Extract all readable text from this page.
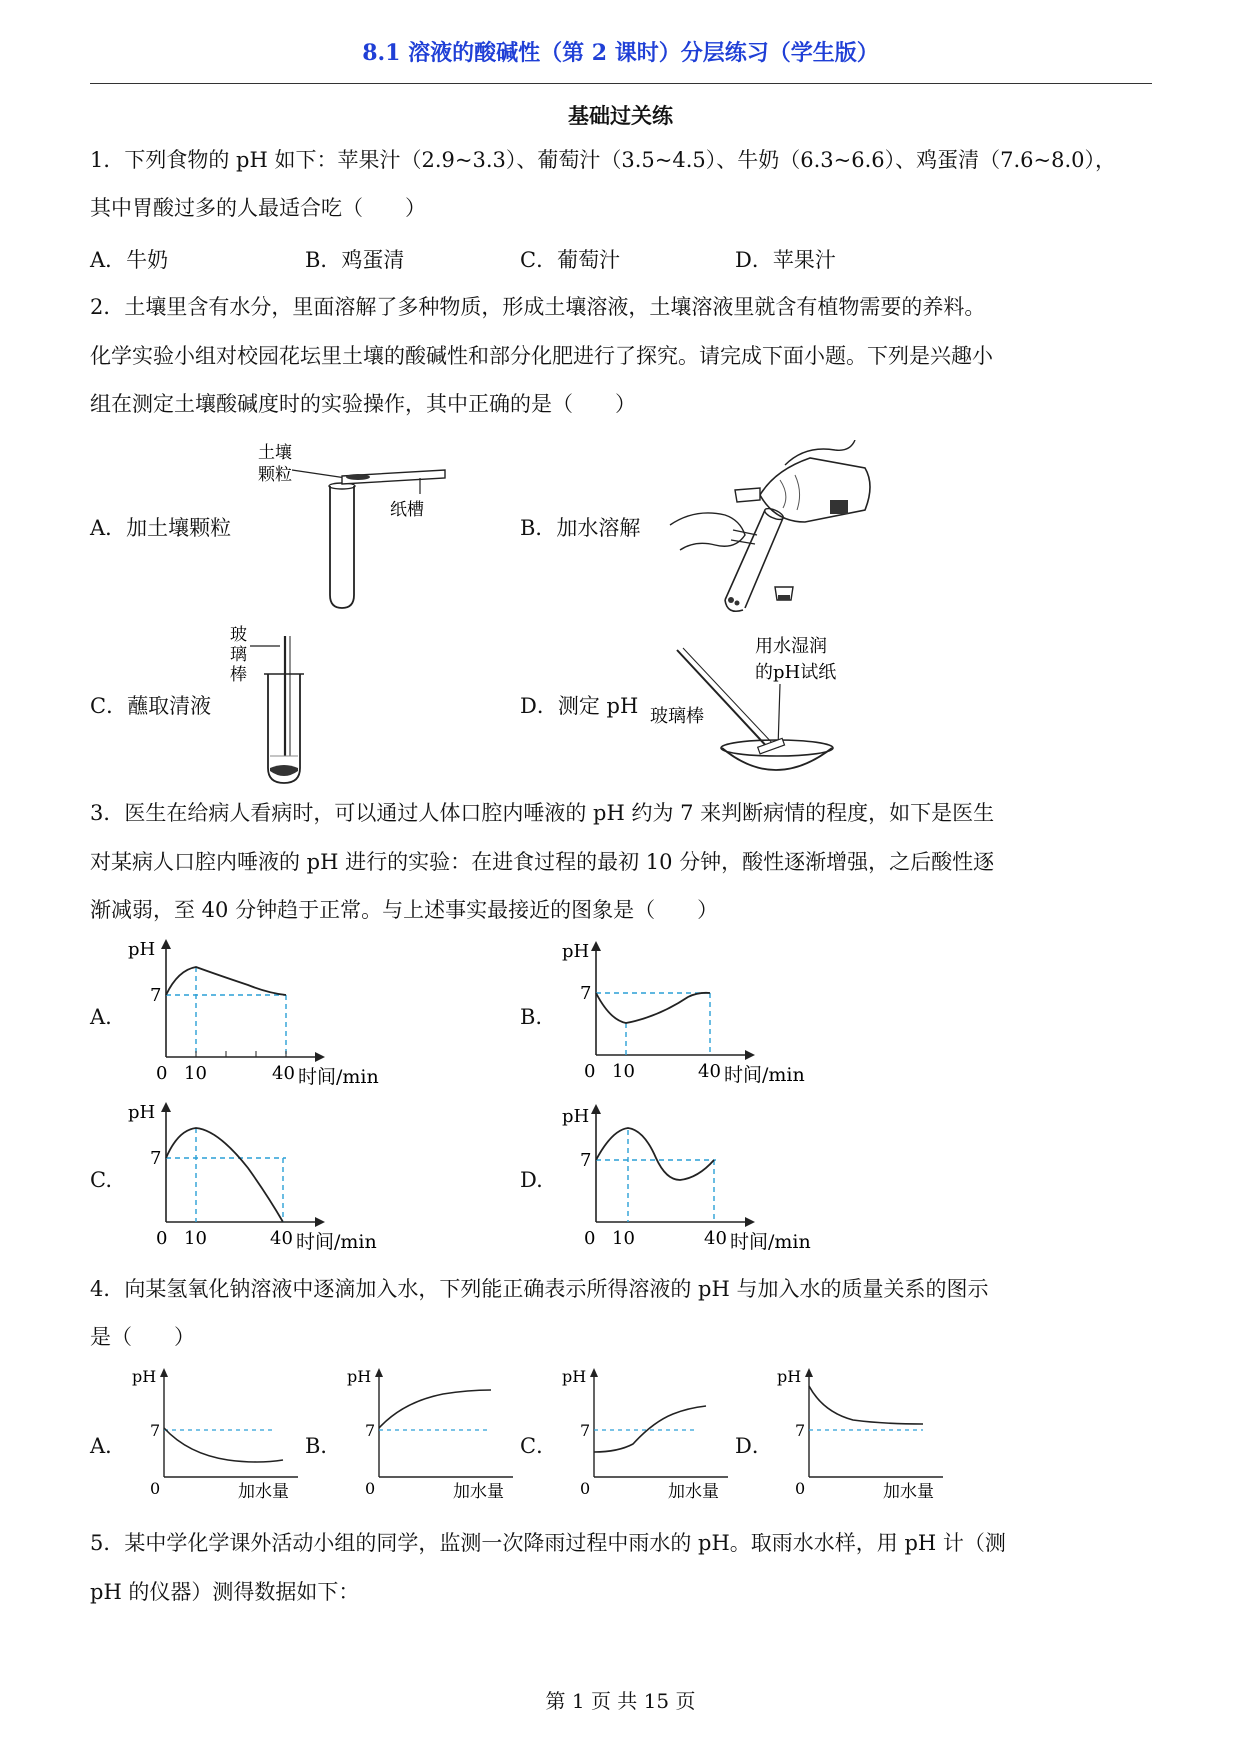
8.1 溶液的酸碱性（第 2 课时）分层练习（学生版）
基础过关练
1．下列食物的 pH 如下：苹果汁（2.9~3.3）、葡萄汁（3.5~4.5）、牛奶（6.3~6.6）、鸡蛋清（7.6~8.0），
其中胃酸过多的人最适合吃（　　）
A．牛奶	B．鸡蛋清	C．葡萄汁	D．苹果汁
2．土壤里含有水分，里面溶解了多种物质，形成土壤溶液，土壤溶液里就含有植物需要的养料。
化学实验小组对校园花坛里土壤的酸碱性和部分化肥进行了探究。请完成下面小题。下列是兴趣小
组在测定土壤酸碱度时的实验操作，其中正确的是（　　）
A．加土壤颗粒	B．加水溶解
C．蘸取清液	D．测定 pH
土壤
颗粒
纸槽
玻
璃
棒
用水湿润
的pH试纸
玻璃棒
3．医生在给病人看病时，可以通过人体口腔内唾液的 pH 约为 7 来判断病情的程度，如下是医生
对某病人口腔内唾液的 pH 进行的实验：在进食过程的最初 10 分钟，酸性逐渐增强，之后酸性逐
渐减弱，至 40 分钟趋于正常。与上述事实最接近的图象是（　　）
A.	B.
C.	D.
pH
7
0 10	40 时间/min
pH
7
0 10	40 时间/min
pH
7
0 10	40 时间/min
pH
7
0 10	40 时间/min
4．向某氢氧化钠溶液中逐滴加入水，下列能正确表示所得溶液的 pH 与加入水的质量关系的图示
是（　　）
A．	B．	C．	D．
pH
7
0	加水量
pH
7
0	加水量
pH
7
0	加水量
pH
7
0	加水量
5．某中学化学课外活动小组的同学，监测一次降雨过程中雨水的 pH。取雨水水样，用 pH 计（测
pH 的仪器）测得数据如下：
第 1 页 共 15 页
